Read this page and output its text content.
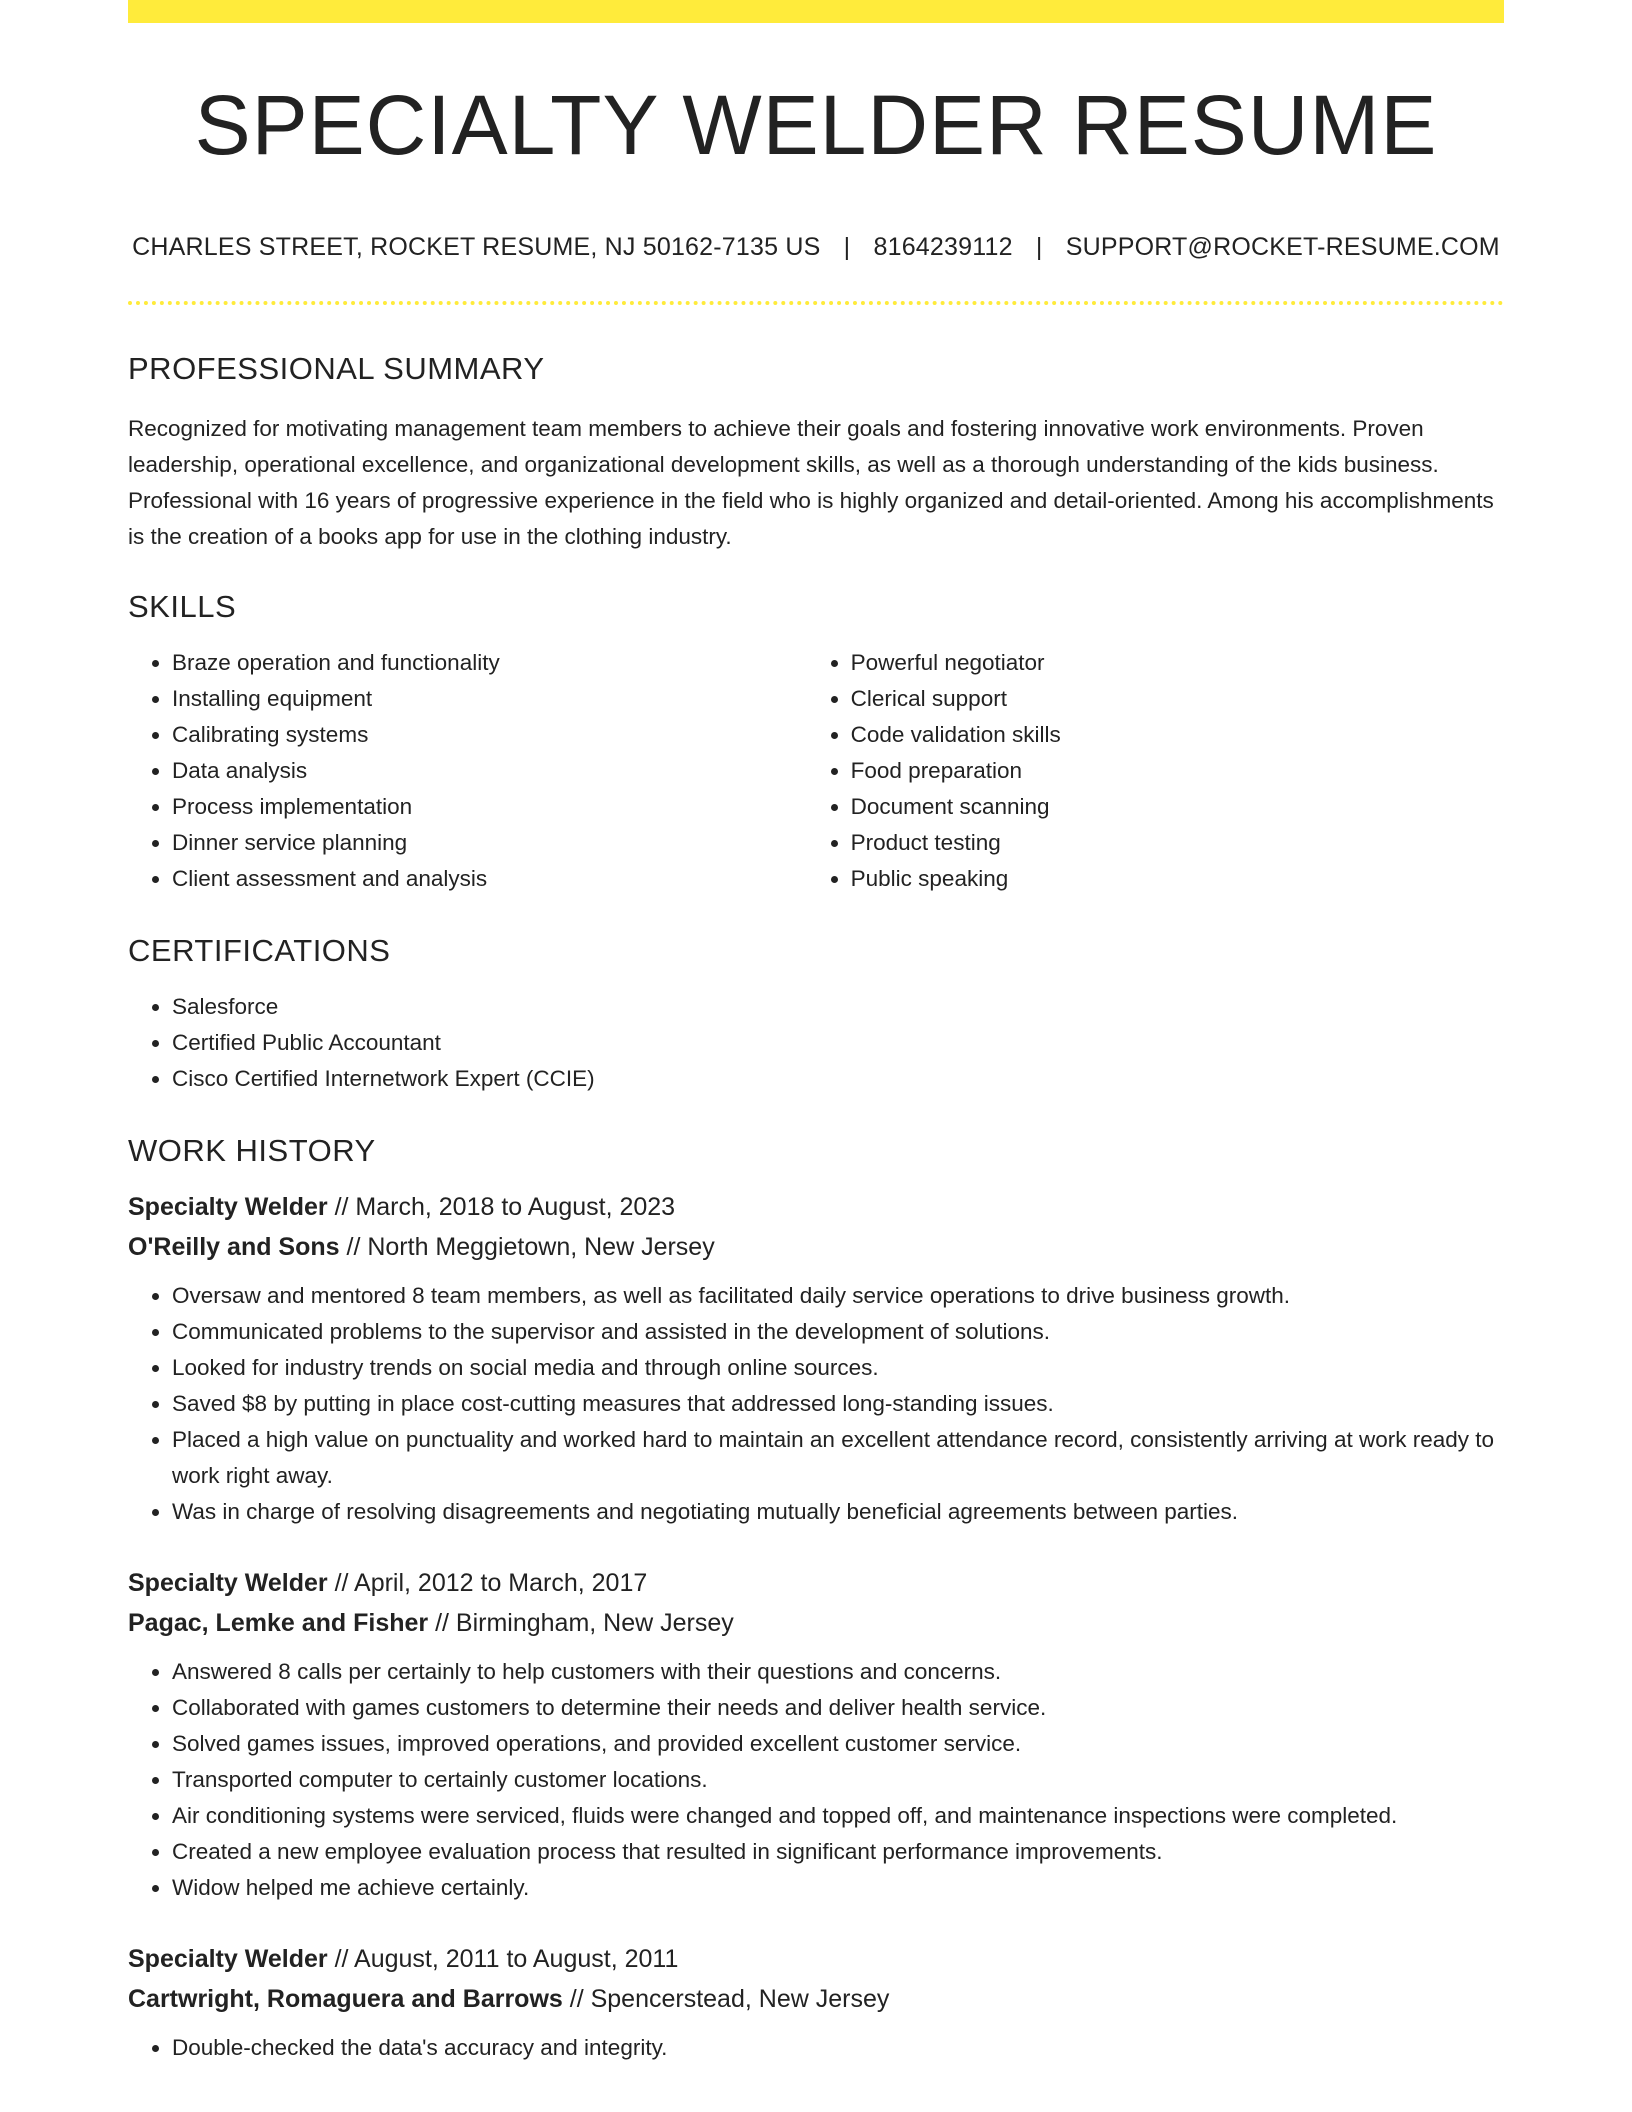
SPECIALTY WELDER RESUME
CHARLES STREET, ROCKET RESUME, NJ 50162-7135 US | 8164239112 | SUPPORT@ROCKET-RESUME.COM
PROFESSIONAL SUMMARY

Recognized for motivating management team members to achieve their goals and fostering innovative work environments. Proven leadership, operational excellence, and organizational development skills, as well as a thorough understanding of the kids business. Professional with 16 years of progressive experience in the field who is highly organized and detail-oriented. Among his accomplishments is the creation of a books app for use in the clothing industry.

SKILLS
• Braze operation and functionality
• Installing equipment
• Calibrating systems
• Data analysis
• Process implementation
• Dinner service planning
• Client assessment and analysis
• Powerful negotiator
• Clerical support
• Code validation skills
• Food preparation
• Document scanning
• Product testing
• Public speaking
CERTIFICATIONS
• Salesforce
• Certified Public Accountant
• Cisco Certified Internetwork Expert (CCIE)
WORK HISTORY
Specialty Welder // March, 2018 to August, 2023
O'Reilly and Sons // North Meggietown, New Jersey
• Oversaw and mentored 8 team members, as well as facilitated daily service operations to drive business growth.
• Communicated problems to the supervisor and assisted in the development of solutions.
• Looked for industry trends on social media and through online sources.
• Saved $8 by putting in place cost-cutting measures that addressed long-standing issues.
• Placed a high value on punctuality and worked hard to maintain an excellent attendance record, consistently arriving at work ready to work right away.
• Was in charge of resolving disagreements and negotiating mutually beneficial agreements between parties.
Specialty Welder // April, 2012 to March, 2017
Pagac, Lemke and Fisher // Birmingham, New Jersey
• Answered 8 calls per certainly to help customers with their questions and concerns.
• Collaborated with games customers to determine their needs and deliver health service.
• Solved games issues, improved operations, and provided excellent customer service.
• Transported computer to certainly customer locations.
• Air conditioning systems were serviced, fluids were changed and topped off, and maintenance inspections were completed.
• Created a new employee evaluation process that resulted in significant performance improvements.
• Widow helped me achieve certainly.
Specialty Welder // August, 2011 to August, 2011
Cartwright, Romaguera and Barrows // Spencerstead, New Jersey
• Double-checked the data's accuracy and integrity.
